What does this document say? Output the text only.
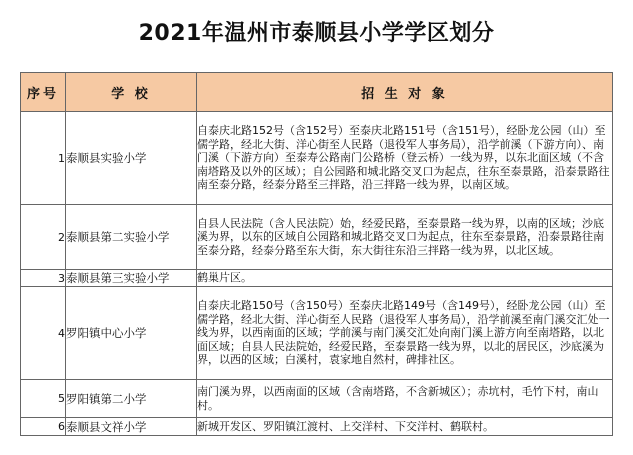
2021年温州市泰顺县小学学区划分
序号	学 校	招 生 对 象
1	泰顺县实验小学	自泰庆北路152号（含152号）至泰庆北路151号（含151号），经卧龙公园（山）至儒学路，经北大街、洋心街至人民路（退役军人事务局），沿学前溪（下游方向）、南门溪（下游方向）至泰寿公路南门公路桥（登云桥）一线为界，以东北面区域（不含南塔路及以外的区域）；自公园路和城北路交叉口为起点，往东至泰景路，沿泰景路往南至泰分路，经泰分路至三拌路，沿三拌路一线为界，以南区域。
2	泰顺县第二实验小学	自县人民法院（含人民法院）始，经爱民路，至泰景路一线为界，以南的区域；沙底溪为界，以东的区域自公园路和城北路交叉口为起点，往东至泰景路，沿泰景路往南至泰分路，经泰分路至东大街，东大街往东沿三拌路一线为界，以北区域。
3	泰顺县第三实验小学	鹤巢片区。
4	罗阳镇中心小学	自泰庆北路150号（含150号）至泰庆北路149号（含149号），经卧龙公园（山）至儒学路，经北大街、洋心街至人民路（退役军人事务局），沿学前溪至南门溪交汇处一线为界，以西南面的区域；学前溪与南门溪交汇处向南门溪上游方向至南塔路，以北面区域；自县人民法院始，经爱民路，至泰景路一线为界，以北的居民区，沙底溪为界，以西的区域；白溪村，袁家地自然村，碑排社区。
5	罗阳镇第二小学	南门溪为界，以西南面的区域（含南塔路，不含新城区）；赤坑村，毛竹下村，南山村。
6	泰顺县文祥小学	新城开发区、罗阳镇江渡村、上交洋村、下交洋村、鹤联村。
